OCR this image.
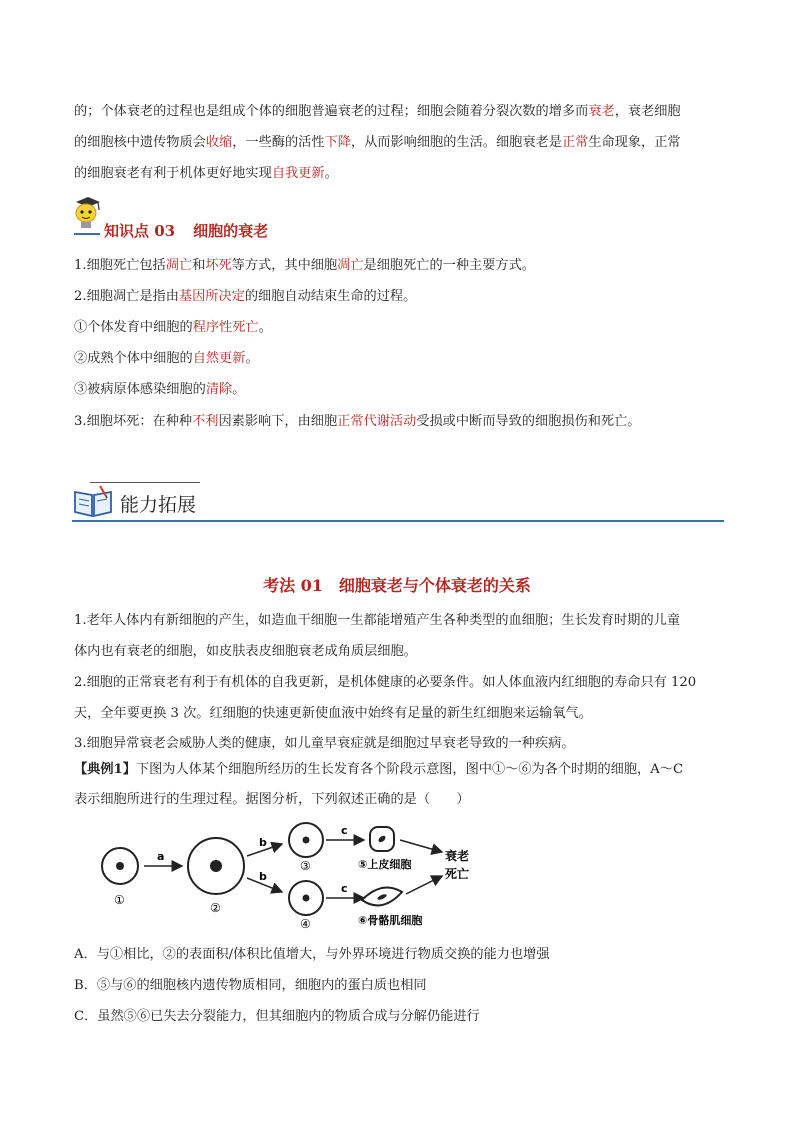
的；个体衰老的过程也是组成个体的细胞普遍衰老的过程；细胞会随着分裂次数的增多而衰老，衰老细胞
的细胞核中遗传物质会收缩，一些酶的活性下降，从而影响细胞的生活。细胞衰老是正常生命现象，正常
的细胞衰老有利于机体更好地实现自我更新。
知识点 03 细胞的衰老
1.细胞死亡包括凋亡和坏死等方式，其中细胞凋亡是细胞死亡的一种主要方式。
2.细胞凋亡是指由基因所决定的细胞自动结束生命的过程。
①个体发育中细胞的程序性死亡。
②成熟个体中细胞的自然更新。
③被病原体感染细胞的清除。
3.细胞坏死：在种种不利因素影响下，由细胞正常代谢活动受损或中断而导致的细胞损伤和死亡。
能力拓展
考法 01 细胞衰老与个体衰老的关系
1.老年人体内有新细胞的产生，如造血干细胞一生都能增殖产生各种类型的血细胞；生长发育时期的儿童
体内也有衰老的细胞，如皮肤表皮细胞衰老成角质层细胞。
2.细胞的正常衰老有利于有机体的自我更新，是机体健康的必要条件。如人体血液内红细胞的寿命只有 120
天，全年要更换 3 次。红细胞的快速更新使血液中始终有足量的新生红细胞来运输氧气。
3.细胞异常衰老会威胁人类的健康，如儿童早衰症就是细胞过早衰老导致的一种疾病。
【典例1】下图为人体某个细胞所经历的生长发育各个阶段示意图，图中①～⑥为各个时期的细胞，A～C
表示细胞所进行的生理过程。据图分析，下列叙述正确的是（　　）
①
a
②
b
b
③
④
c
c
⑤上皮细胞
⑥骨骼肌细胞
衰老
死亡
A．与①相比，②的表面积/体积比值增大，与外界环境进行物质交换的能力也增强
B．⑤与⑥的细胞核内遗传物质相同，细胞内的蛋白质也相同
C．虽然⑤⑥已失去分裂能力，但其细胞内的物质合成与分解仍能进行
